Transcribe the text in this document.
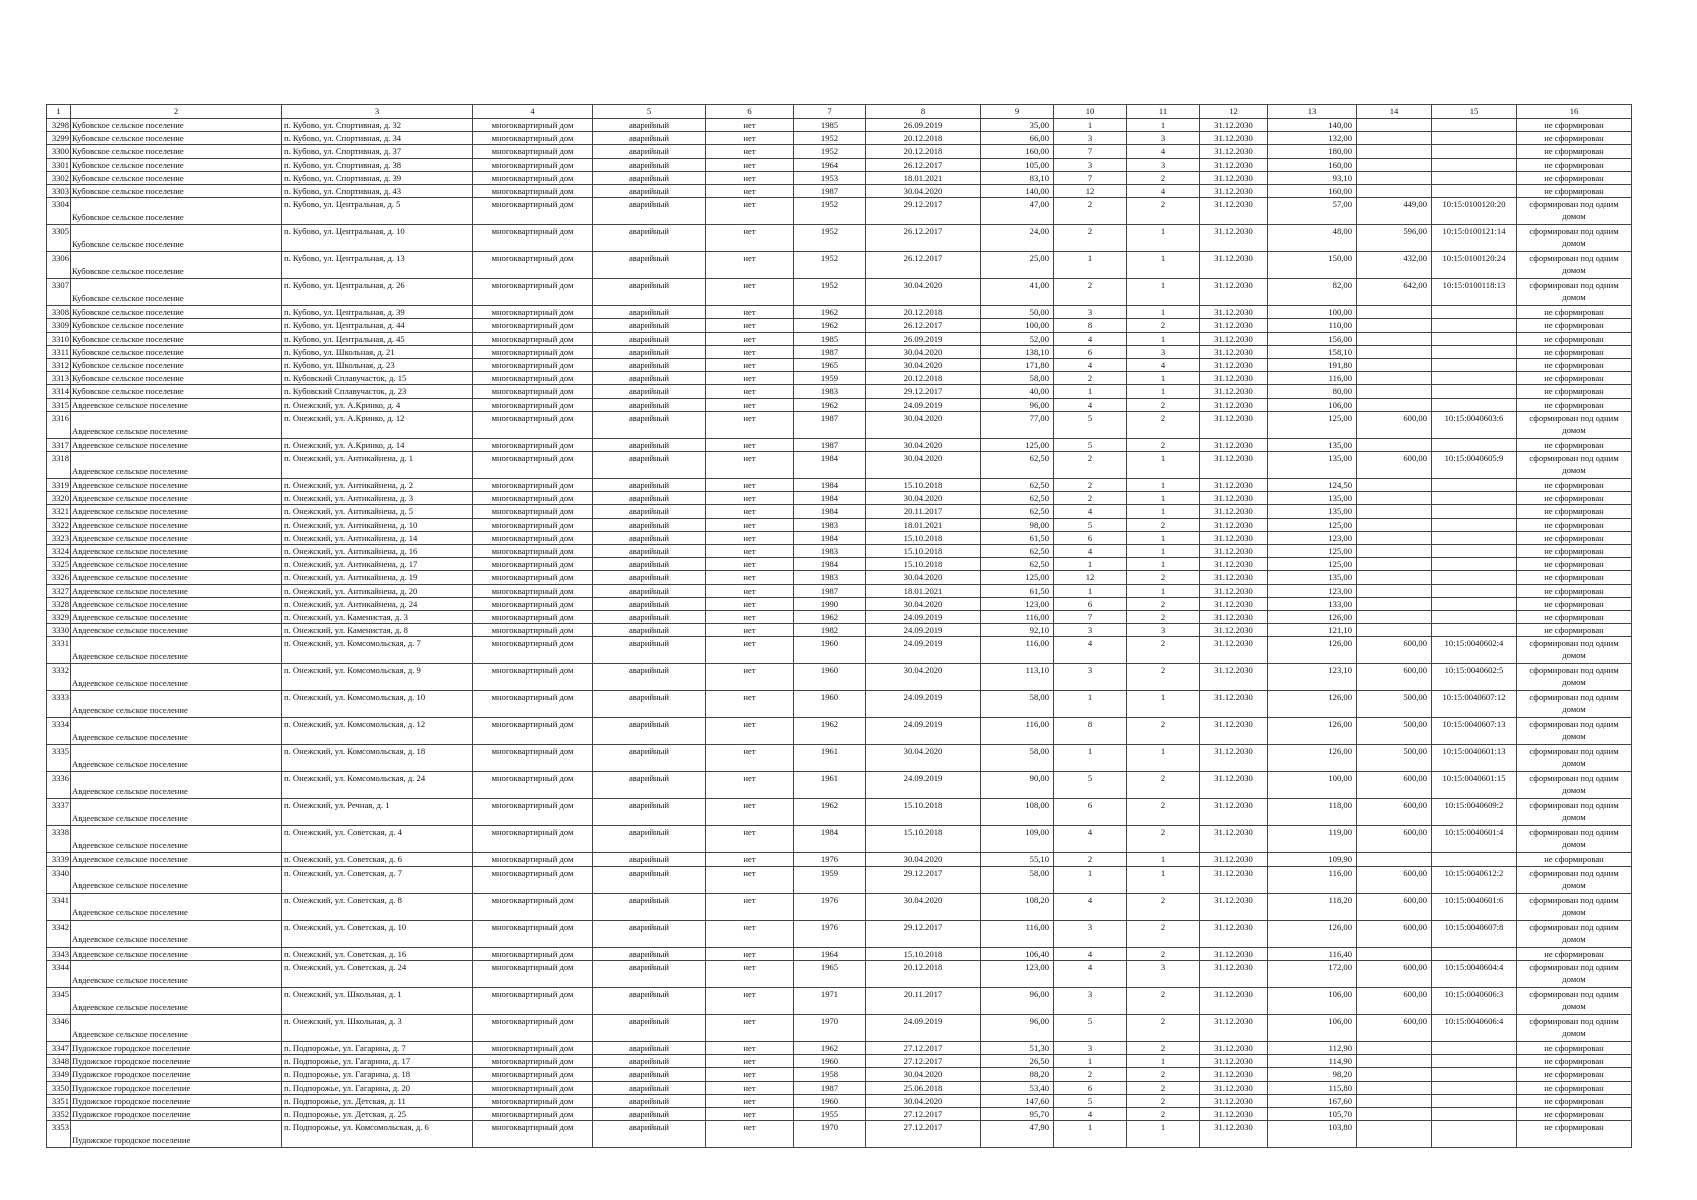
1	2	3	4	5	6	7	8	9	10	11	12	13	14	15	16
3298	Кубовское сельское поселение	п. Кубово, ул. Спортивная, д. 32	многоквартирный дом	аварийный	нет	1985	26.09.2019	35,00	1	1	31.12.2030	140,00			не сформирован
3299	Кубовское сельское поселение	п. Кубово, ул. Спортивная, д. 34	многоквартирный дом	аварийный	нет	1952	20.12.2018	66,00	3	3	31.12.2030	132,00			не сформирован
3300	Кубовское сельское поселение	п. Кубово, ул. Спортивная, д. 37	многоквартирный дом	аварийный	нет	1952	20.12.2018	160,00	7	4	31.12.2030	180,00			не сформирован
3301	Кубовское сельское поселение	п. Кубово, ул. Спортивная, д. 38	многоквартирный дом	аварийный	нет	1964	26.12.2017	105,00	3	3	31.12.2030	160,00			не сформирован
3302	Кубовское сельское поселение	п. Кубово, ул. Спортивная, д. 39	многоквартирный дом	аварийный	нет	1953	18.01.2021	83,10	7	2	31.12.2030	93,10			не сформирован
3303	Кубовское сельское поселение	п. Кубово, ул. Спортивная, д. 43	многоквартирный дом	аварийный	нет	1987	30.04.2020	140,00	12	4	31.12.2030	160,00			не сформирован
3304	Кубовское сельское поселение	п. Кубово, ул. Центральная, д. 5	многоквартирный дом	аварийный	нет	1952	29.12.2017	47,00	2	2	31.12.2030	57,00	449,00	10:15:0100120:20	сформирован под одним домом
3305	Кубовское сельское поселение	п. Кубово, ул. Центральная, д. 10	многоквартирный дом	аварийный	нет	1952	26.12.2017	24,00	2	1	31.12.2030	48,00	596,00	10:15:0100121:14	сформирован под одним домом
3306	Кубовское сельское поселение	п. Кубово, ул. Центральная, д. 13	многоквартирный дом	аварийный	нет	1952	26.12.2017	25,00	1	1	31.12.2030	150,00	432,00	10:15:0100120:24	сформирован под одним домом
3307	Кубовское сельское поселение	п. Кубово, ул. Центральная, д. 26	многоквартирный дом	аварийный	нет	1952	30.04.2020	41,00	2	1	31.12.2030	82,00	642,00	10:15:0100118:13	сформирован под одним домом
3308	Кубовское сельское поселение	п. Кубово, ул. Центральная, д. 39	многоквартирный дом	аварийный	нет	1962	20.12.2018	50,00	3	1	31.12.2030	100,00			не сформирован
3309	Кубовское сельское поселение	п. Кубово, ул. Центральная, д. 44	многоквартирный дом	аварийный	нет	1962	26.12.2017	100,00	8	2	31.12.2030	110,00			не сформирован
3310	Кубовское сельское поселение	п. Кубово, ул. Центральная, д. 45	многоквартирный дом	аварийный	нет	1985	26.09.2019	52,00	4	1	31.12.2030	156,00			не сформирован
3311	Кубовское сельское поселение	п. Кубово, ул. Школьная, д. 21	многоквартирный дом	аварийный	нет	1987	30.04.2020	138,10	6	3	31.12.2030	158,10			не сформирован
3312	Кубовское сельское поселение	п. Кубово, ул. Школьная, д. 23	многоквартирный дом	аварийный	нет	1965	30.04.2020	171,80	4	4	31.12.2030	191,80			не сформирован
3313	Кубовское сельское поселение	п. Кубовский Сплавучасток, д. 15	многоквартирный дом	аварийный	нет	1959	20.12.2018	58,00	2	1	31.12.2030	116,00			не сформирован
3314	Кубовское сельское поселение	п. Кубовский Сплавучасток, д. 23	многоквартирный дом	аварийный	нет	1983	29.12.2017	40,00	1	1	31.12.2030	80,00			не сформирован
3315	Авдеевское сельское поселение	п. Онежский, ул. А.Кринко, д. 4	многоквартирный дом	аварийный	нет	1962	24.09.2019	96,00	4	2	31.12.2030	106,00			не сформирован
3316	Авдеевское сельское поселение	п. Онежский, ул. А.Кринко, д. 12	многоквартирный дом	аварийный	нет	1987	30.04.2020	77,00	5	2	31.12.2030	125,00	600,00	10:15:0040603:6	сформирован под одним домом
3317	Авдеевское сельское поселение	п. Онежский, ул. А.Кринко, д. 14	многоквартирный дом	аварийный	нет	1987	30.04.2020	125,00	5	2	31.12.2030	135,00			не сформирован
3318	Авдеевское сельское поселение	п. Онежский, ул. Антикайнена, д. 1	многоквартирный дом	аварийный	нет	1984	30.04.2020	62,50	2	1	31.12.2030	135,00	600,00	10:15:0040605:9	сформирован под одним домом
3319	Авдеевское сельское поселение	п. Онежский, ул. Антикайнена, д. 2	многоквартирный дом	аварийный	нет	1984	15.10.2018	62,50	2	1	31.12.2030	124,50			не сформирован
3320	Авдеевское сельское поселение	п. Онежский, ул. Антикайнена, д. 3	многоквартирный дом	аварийный	нет	1984	30.04.2020	62,50	2	1	31.12.2030	135,00			не сформирован
3321	Авдеевское сельское поселение	п. Онежский, ул. Антикайнена, д. 5	многоквартирный дом	аварийный	нет	1984	20.11.2017	62,50	4	1	31.12.2030	135,00			не сформирован
3322	Авдеевское сельское поселение	п. Онежский, ул. Антикайнена, д. 10	многоквартирный дом	аварийный	нет	1983	18.01.2021	98,00	5	2	31.12.2030	125,00			не сформирован
3323	Авдеевское сельское поселение	п. Онежский, ул. Антикайнена, д. 14	многоквартирный дом	аварийный	нет	1984	15.10.2018	61,50	6	1	31.12.2030	123,00			не сформирован
3324	Авдеевское сельское поселение	п. Онежский, ул. Антикайнена, д. 16	многоквартирный дом	аварийный	нет	1983	15.10.2018	62,50	4	1	31.12.2030	125,00			не сформирован
3325	Авдеевское сельское поселение	п. Онежский, ул. Антикайнена, д. 17	многоквартирный дом	аварийный	нет	1984	15.10.2018	62,50	1	1	31.12.2030	125,00			не сформирован
3326	Авдеевское сельское поселение	п. Онежский, ул. Антикайнена, д. 19	многоквартирный дом	аварийный	нет	1983	30.04.2020	125,00	12	2	31.12.2030	135,00			не сформирован
3327	Авдеевское сельское поселение	п. Онежский, ул. Антикайнена, д. 20	многоквартирный дом	аварийный	нет	1987	18.01.2021	61,50	1	1	31.12.2030	123,00			не сформирован
3328	Авдеевское сельское поселение	п. Онежский, ул. Антикайнена, д. 24	многоквартирный дом	аварийный	нет	1990	30.04.2020	123,00	6	2	31.12.2030	133,00			не сформирован
3329	Авдеевское сельское поселение	п. Онежский, ул. Каменистая, д. 3	многоквартирный дом	аварийный	нет	1962	24.09.2019	116,00	7	2	31.12.2030	126,00			не сформирован
3330	Авдеевское сельское поселение	п. Онежский, ул. Каменистая, д. 8	многоквартирный дом	аварийный	нет	1982	24.09.2019	92,10	3	3	31.12.2030	121,10			не сформирован
3331	Авдеевское сельское поселение	п. Онежский, ул. Комсомольская, д. 7	многоквартирный дом	аварийный	нет	1960	24.09.2019	116,00	4	2	31.12.2030	126,00	600,00	10:15:0040602:4	сформирован под одним домом
3332	Авдеевское сельское поселение	п. Онежский, ул. Комсомольская, д. 9	многоквартирный дом	аварийный	нет	1960	30.04.2020	113,10	3	2	31.12.2030	123,10	600,00	10:15:0040602:5	сформирован под одним домом
3333	Авдеевское сельское поселение	п. Онежский, ул. Комсомольская, д. 10	многоквартирный дом	аварийный	нет	1960	24.09.2019	58,00	1	1	31.12.2030	126,00	500,00	10:15:0040607:12	сформирован под одним домом
3334	Авдеевское сельское поселение	п. Онежский, ул. Комсомольская, д. 12	многоквартирный дом	аварийный	нет	1962	24.09.2019	116,00	8	2	31.12.2030	126,00	500,00	10:15:0040607:13	сформирован под одним домом
3335	Авдеевское сельское поселение	п. Онежский, ул. Комсомольская, д. 18	многоквартирный дом	аварийный	нет	1961	30.04.2020	58,00	1	1	31.12.2030	126,00	500,00	10:15:0040601:13	сформирован под одним домом
3336	Авдеевское сельское поселение	п. Онежский, ул. Комсомольская, д. 24	многоквартирный дом	аварийный	нет	1961	24.09.2019	90,00	5	2	31.12.2030	100,00	600,00	10:15:0040601:15	сформирован под одним домом
3337	Авдеевское сельское поселение	п. Онежский, ул. Речная, д. 1	многоквартирный дом	аварийный	нет	1962	15.10.2018	108,00	6	2	31.12.2030	118,00	600,00	10:15:0040609:2	сформирован под одним домом
3338	Авдеевское сельское поселение	п. Онежский, ул. Советская, д. 4	многоквартирный дом	аварийный	нет	1984	15.10.2018	109,00	4	2	31.12.2030	119,00	600,00	10:15:0040601:4	сформирован под одним домом
3339	Авдеевское сельское поселение	п. Онежский, ул. Советская, д. 6	многоквартирный дом	аварийный	нет	1976	30.04.2020	55,10	2	1	31.12.2030	109,90			не сформирован
3340	Авдеевское сельское поселение	п. Онежский, ул. Советская, д. 7	многоквартирный дом	аварийный	нет	1959	29.12.2017	58,00	1	1	31.12.2030	116,00	600,00	10:15:0040612:2	сформирован под одним домом
3341	Авдеевское сельское поселение	п. Онежский, ул. Советская, д. 8	многоквартирный дом	аварийный	нет	1976	30.04.2020	108,20	4	2	31.12.2030	118,20	600,00	10:15:0040601:6	сформирован под одним домом
3342	Авдеевское сельское поселение	п. Онежский, ул. Советская, д. 10	многоквартирный дом	аварийный	нет	1976	29.12.2017	116,00	3	2	31.12.2030	126,00	600,00	10:15:0040607:8	сформирован под одним домом
3343	Авдеевское сельское поселение	п. Онежский, ул. Советская, д. 16	многоквартирный дом	аварийный	нет	1964	15.10.2018	106,40	4	2	31.12.2030	116,40			не сформирован
3344	Авдеевское сельское поселение	п. Онежский, ул. Советская, д. 24	многоквартирный дом	аварийный	нет	1965	20.12.2018	123,00	4	3	31.12.2030	172,00	600,00	10:15:0040604:4	сформирован под одним домом
3345	Авдеевское сельское поселение	п. Онежский, ул. Школьная, д. 1	многоквартирный дом	аварийный	нет	1971	20.11.2017	96,00	3	2	31.12.2030	106,00	600,00	10:15:0040606:3	сформирован под одним домом
3346	Авдеевское сельское поселение	п. Онежский, ул. Школьная, д. 3	многоквартирный дом	аварийный	нет	1970	24.09.2019	96,00	5	2	31.12.2030	106,00	600,00	10:15:0040606:4	сформирован под одним домом
3347	Пудожское городское поселение	п. Подпорожье, ул. Гагарина, д. 7	многоквартирный дом	аварийный	нет	1962	27.12.2017	51,30	3	2	31.12.2030	112,90			не сформирован
3348	Пудожское городское поселение	п. Подпорожье, ул. Гагарина, д. 17	многоквартирный дом	аварийный	нет	1960	27.12.2017	26,50	1	1	31.12.2030	114,90			не сформирован
3349	Пудожское городское поселение	п. Подпорожье, ул. Гагарина, д. 18	многоквартирный дом	аварийный	нет	1958	30.04.2020	88,20	2	2	31.12.2030	98,20			не сформирован
3350	Пудожское городское поселение	п. Подпорожье, ул. Гагарина, д. 20	многоквартирный дом	аварийный	нет	1987	25.06.2018	53,40	6	2	31.12.2030	115,80			не сформирован
3351	Пудожское городское поселение	п. Подпорожье, ул. Детская, д. 11	многоквартирный дом	аварийный	нет	1960	30.04.2020	147,60	5	2	31.12.2030	167,60			не сформирован
3352	Пудожское городское поселение	п. Подпорожье, ул. Детская, д. 25	многоквартирный дом	аварийный	нет	1955	27.12.2017	95,70	4	2	31.12.2030	105,70			не сформирован
3353	Пудожское городское поселение	п. Подпорожье, ул. Комсомольская, д. 6	многоквартирный дом	аварийный	нет	1970	27.12.2017	47,90	1	1	31.12.2030	103,80			не сформирован
